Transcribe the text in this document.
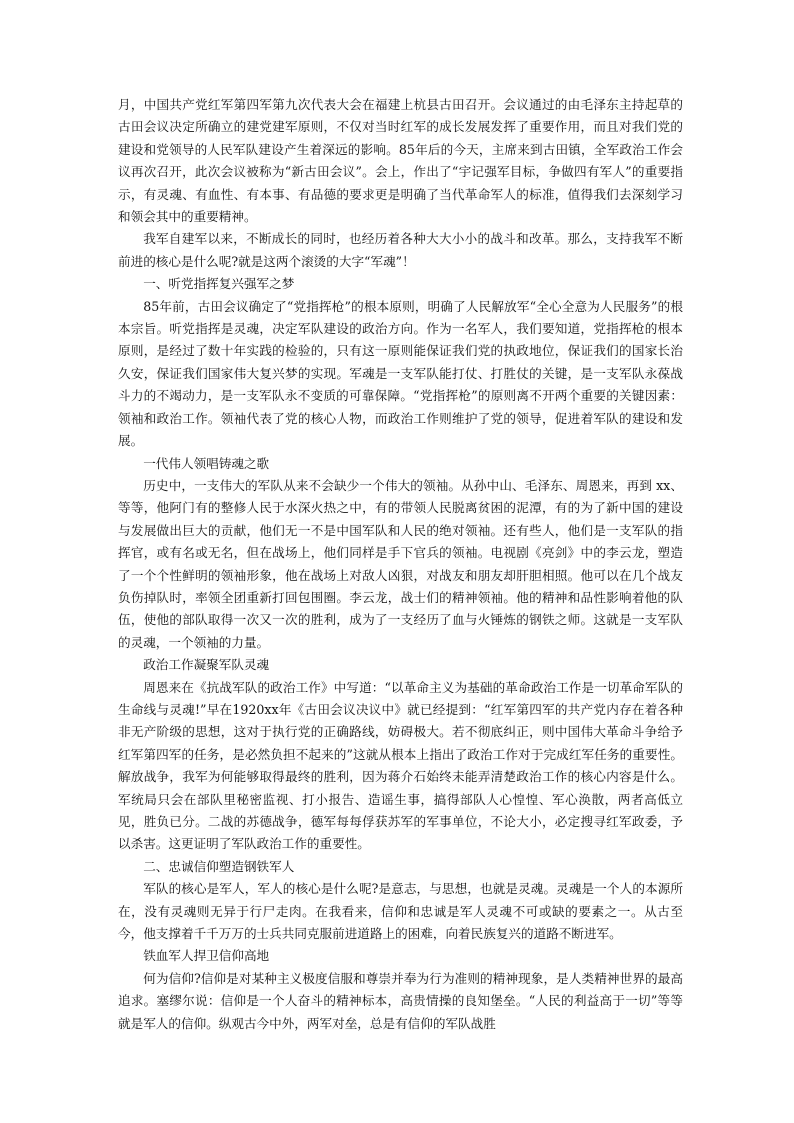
月，中国共产党红军第四军第九次代表大会在福建上杭县古田召开。会议通过的由毛泽东主持起草的古田会议决定所确立的建党建军原则，不仅对当时红军的成长发展发挥了重要作用，而且对我们党的建设和党领导的人民军队建设产生着深远的影响。85年后的今天，主席来到古田镇，全军政治工作会议再次召开，此次会议被称为“新古田会议”。会上，作出了“宇记强军目标，争做四有军人”的重要指示，有灵魂、有血性、有本事、有品德的要求更是明确了当代革命军人的标准，值得我们去深刻学习和领会其中的重要精神。

我军自建军以来，不断成长的同时，也经历着各种大大小小的战斗和改革。那么，支持我军不断前进的核心是什么呢?就是这两个滚烫的大字“军魂”！

一、听党指挥复兴强军之梦

85年前，古田会议确定了“党指挥枪”的根本原则，明确了人民解放军“全心全意为人民服务”的根本宗旨。听党指挥是灵魂，决定军队建设的政治方向。作为一名军人，我们要知道，党指挥枪的根本原则，是经过了数十年实践的检验的，只有这一原则能保证我们党的执政地位，保证我们的国家长治久安，保证我们国家伟大复兴梦的实现。军魂是一支军队能打仗、打胜仗的关键，是一支军队永葆战斗力的不竭动力，是一支军队永不变质的可靠保障。“党指挥枪”的原则离不开两个重要的关键因素：领袖和政治工作。领袖代表了党的核心人物，而政治工作则维护了党的领导，促进着军队的建设和发展。

一代伟人领唱铸魂之歌

历史中，一支伟大的军队从来不会缺少一个伟大的领袖。从孙中山、毛泽东、周恩来，再到 xx、等等，他阿门有的整修人民于水深火热之中，有的带领人民脱离贫困的泥潭，有的为了新中国的建设与发展做出巨大的贡献，他们无一不是中国军队和人民的绝对领袖。还有些人，他们是一支军队的指挥官，或有名或无名，但在战场上，他们同样是手下官兵的领袖。电视剧《亮剑》中的李云龙，塑造了一个个性鲜明的领袖形象，他在战场上对敌人凶狠，对战友和朋友却肝胆相照。他可以在几个战友负伤掉队时，率领全团重新打回包围圈。李云龙，战士们的精神领袖。他的精神和品性影响着他的队伍，使他的部队取得一次又一次的胜利，成为了一支经历了血与火锤炼的钢铁之师。这就是一支军队的灵魂，一个领袖的力量。

政治工作凝聚军队灵魂

周恩来在《抗战军队的政治工作》中写道：“以革命主义为基础的革命政治工作是一切革命军队的生命线与灵魂!”早在1920xx年《古田会议决议中》就已经提到：“红军第四军的共产党内存在着各种非无产阶级的思想，这对于执行党的正确路线，妨碍极大。若不彻底纠正，则中国伟大革命斗争给予红军第四军的任务，是必然负担不起来的”这就从根本上指出了政治工作对于完成红军任务的重要性。解放战争，我军为何能够取得最终的胜利，因为蒋介石始终未能弄清楚政治工作的核心内容是什么。军统局只会在部队里秘密监视、打小报告、造谣生事，搞得部队人心惶惶、军心涣散，两者高低立见，胜负已分。二战的苏德战争，德军每每俘获苏军的军事单位，不论大小，必定搜寻红军政委，予以杀害。这更证明了军队政治工作的重要性。

二、忠诚信仰塑造钢铁军人

军队的核心是军人，军人的核心是什么呢?是意志，与思想，也就是灵魂。灵魂是一个人的本源所在，没有灵魂则无异于行尸走肉。在我看来，信仰和忠诚是军人灵魂不可或缺的要素之一。从古至今，他支撑着千千万万的士兵共同克服前进道路上的困难，向着民族复兴的道路不断进军。

铁血军人捍卫信仰高地

何为信仰?信仰是对某种主义极度信服和尊崇并奉为行为准则的精神现象，是人类精神世界的最高追求。塞缪尔说：信仰是一个人奋斗的精神标本，高贵情操的良知堡垒。“人民的利益高于一切”等等就是军人的信仰。纵观古今中外，两军对垒，总是有信仰的军队战胜
